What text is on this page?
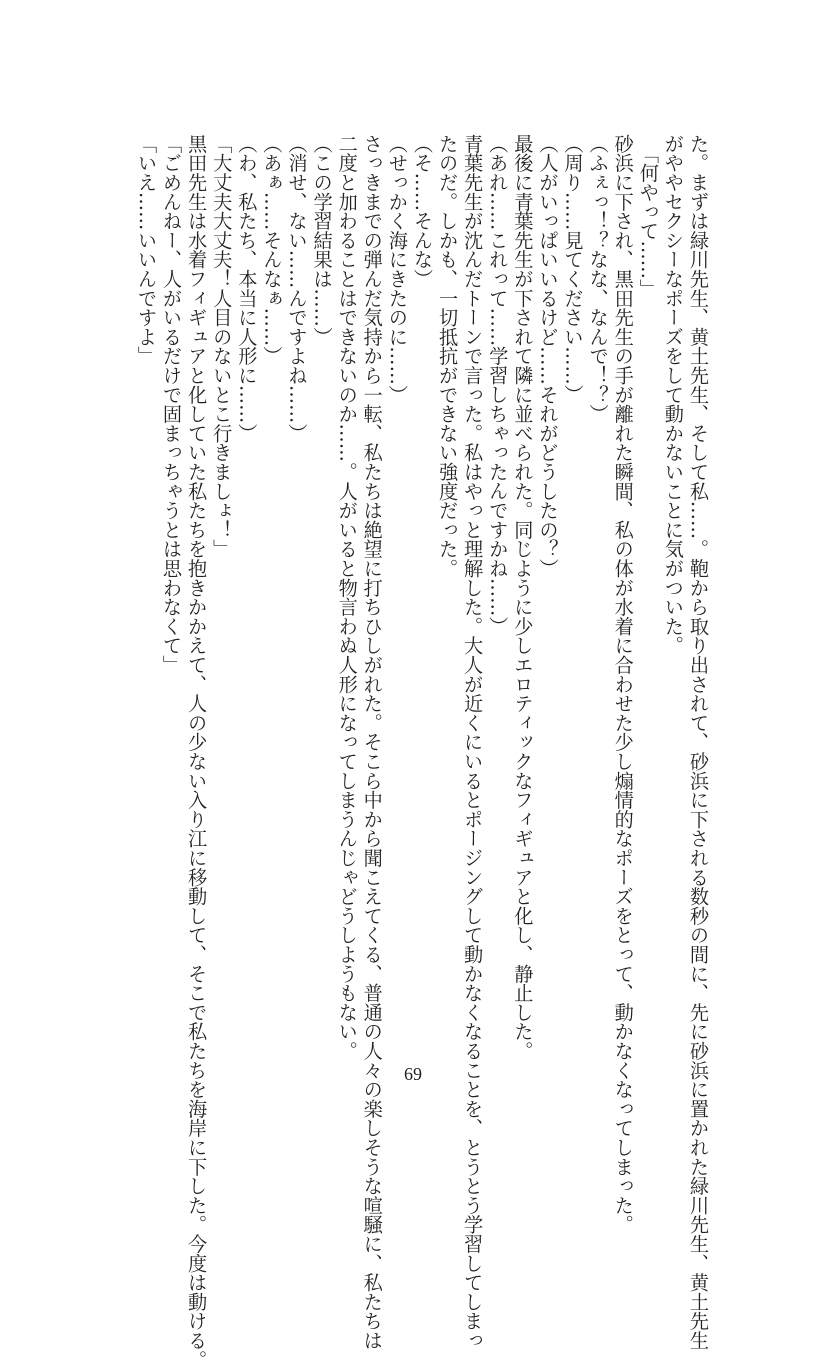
た。まずは緑川先生、黄土先生、そして私……。鞄から取り出されて、砂浜に下される数秒の間に、先に砂浜に置かれた緑川先生、黄土先生
がややセクシーなポーズをして動かないことに気がついた。
「何やって……」
砂浜に下され、黒田先生の手が離れた瞬間、私の体が水着に合わせた少し煽情的なポーズをとって、動かなくなってしまった。
（ふぇっ！？なな、なんで！？）
（周り……見てください……）
（人がいっぱいいるけど……それがどうしたの？）
最後に青葉先生が下されて隣に並べられた。同じように少しエロティックなフィギュアと化し、静止した。
（あれ……これって……学習しちゃったんですかね……）
青葉先生が沈んだトーンで言った。私はやっと理解した。大人が近くにいるとポージングして動かなくなることを、とうとう学習してしまっ
たのだ。しかも、一切抵抗ができない強度だった。
（そ……そんな）
（せっかく海にきたのに……）
さっきまでの弾んだ気持から一転、私たちは絶望に打ちひしがれた。そこら中から聞こえてくる、普通の人々の楽しそうな喧騒に、私たちは
二度と加わることはできないのか……。人がいると物言わぬ人形になってしまうんじゃどうしようもない。
（この学習結果は……）
（消せ、ない……んですよね……）
（あぁ……そんなぁ……）
（わ、私たち、本当に人形に……）
「大丈夫大丈夫！人目のないとこ行きましょ！」
黒田先生は水着フィギュアと化していた私たちを抱きかかえて、人の少ない入り江に移動して、そこで私たちを海岸に下した。今度は動ける。
「ごめんねー、人がいるだけで固まっちゃうとは思わなくて」
「いえ……いいんですよ」
69
